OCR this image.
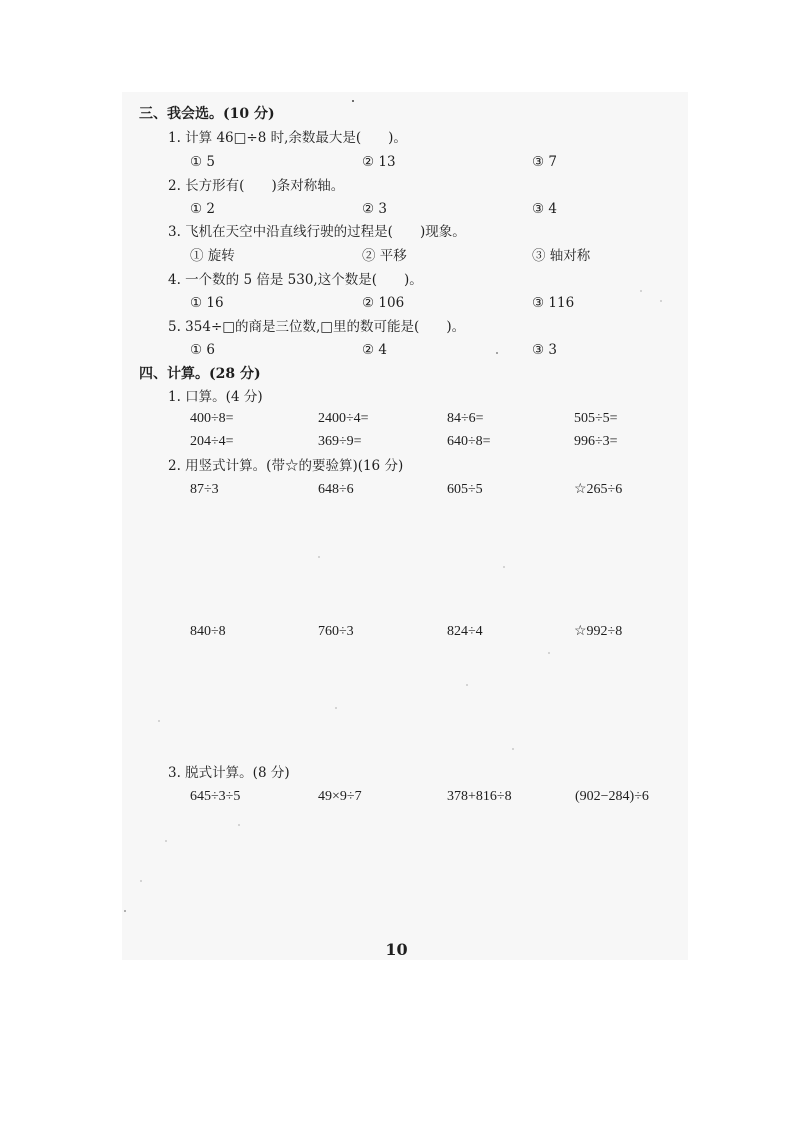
三、我会选。(10 分)
1. 计算 46□÷8 时,余数最大是(　　)。
① 5	② 13	③ 7
2. 长方形有(　　)条对称轴。
① 2	② 3	③ 4
3. 飞机在天空中沿直线行驶的过程是(　　)现象。
① 旋转	② 平移	③ 轴对称
4. 一个数的 5 倍是 530,这个数是(　　)。
① 16	② 106	③ 116
5. 354÷□的商是三位数,□里的数可能是(　　)。
① 6	② 4	③ 3
四、计算。(28 分)
1. 口算。(4 分)
400÷8=	2400÷4=	84÷6=	505÷5=
204÷4=	369÷9=	640÷8=	996÷3=
2. 用竖式计算。(带☆的要验算)(16 分)
87÷3	648÷6	605÷5	☆265÷6
840÷8	760÷3	824÷4	☆992÷8
3. 脱式计算。(8 分)
645÷3÷5	49×9÷7	378+816÷8	(902−284)÷6
10
